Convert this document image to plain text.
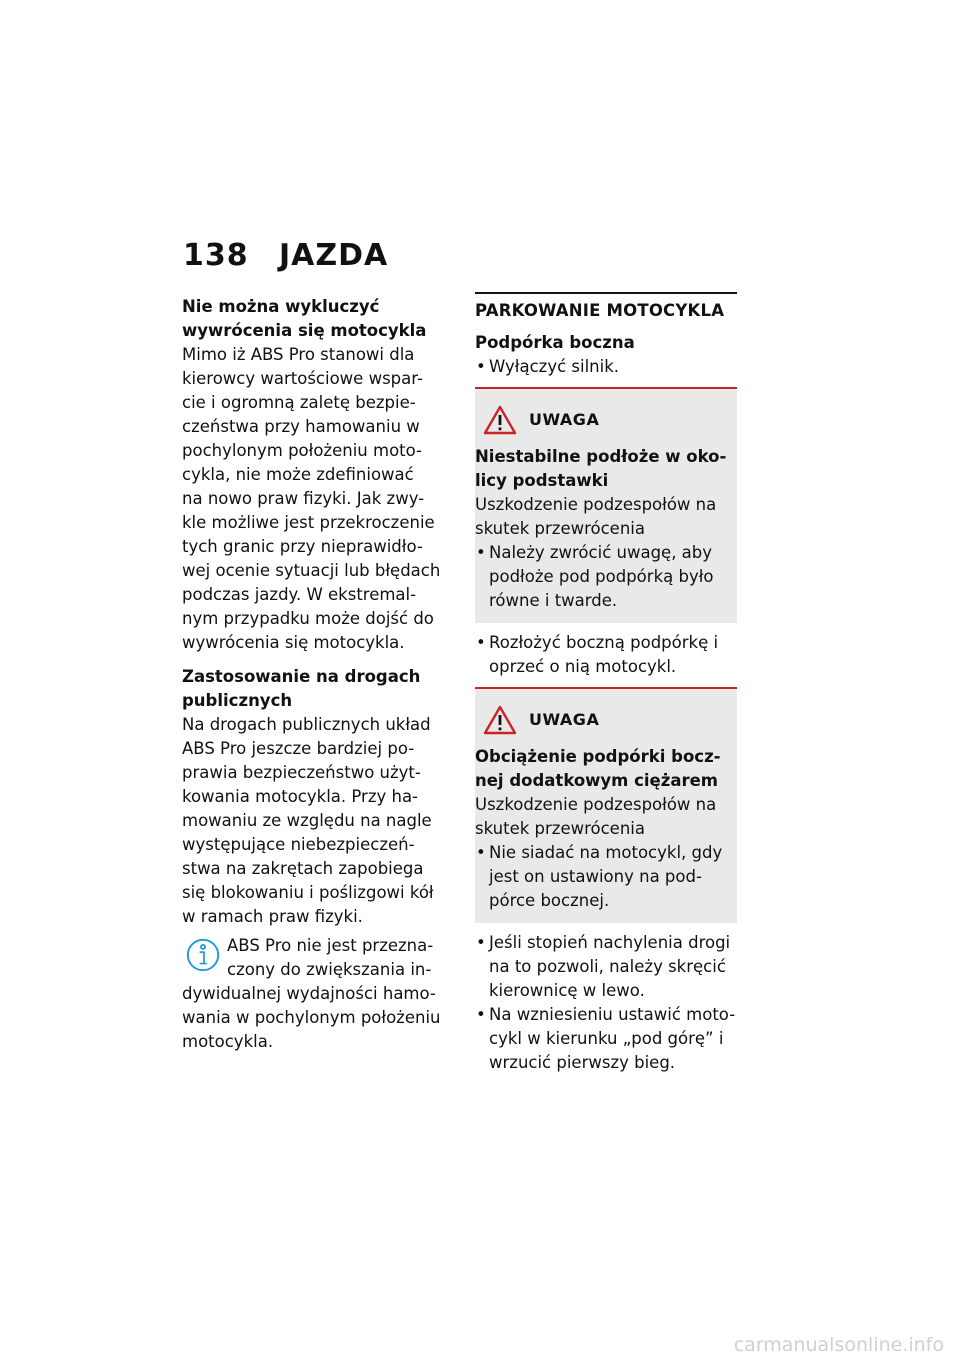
138 JAZDA
Nie można wykluczyć
wywrócenia się motocykla
Mimo iż ABS Pro stanowi dla
kierowcy wartościowe wspar-
cie i ogromną zaletę bezpie-
czeństwa przy hamowaniu w
pochylonym położeniu moto-
cykla, nie może zdefiniować
na nowo praw fizyki. Jak zwy-
kle możliwe jest przekroczenie
tych granic przy nieprawidło-
wej ocenie sytuacji lub błędach
podczas jazdy. W ekstremal-
nym przypadku może dojść do
wywrócenia się motocykla.
Zastosowanie na drogach
publicznych
Na drogach publicznych układ
ABS Pro jeszcze bardziej po-
prawia bezpieczeństwo użyt-
kowania motocykla. Przy ha-
mowaniu ze względu na nagle
występujące niebezpieczeń-
stwa na zakrętach zapobiega
się blokowaniu i poślizgowi kół
w ramach praw fizyki.
ABS Pro nie jest przezna-
czony do zwiększania in-
dywidualnej wydajności hamo-
wania w pochylonym położeniu
motocykla.
PARKOWANIE MOTOCYKLA
Podpórka boczna
• Wyłączyć silnik.
UWAGA
Niestabilne podłoże w oko-
licy podstawki
Uszkodzenie podzespołów na
skutek przewrócenia
• Należy zwrócić uwagę, aby
podłoże pod podpórką było
równe i twarde.
• Rozłożyć boczną podpórkę i
oprzeć o nią motocykl.
UWAGA
Obciążenie podpórki bocz-
nej dodatkowym ciężarem
Uszkodzenie podzespołów na
skutek przewrócenia
• Nie siadać na motocykl, gdy
jest on ustawiony na pod-
pórce bocznej.
• Jeśli stopień nachylenia drogi
na to pozwoli, należy skręcić
kierownicę w lewo.
• Na wzniesieniu ustawić moto-
cykl w kierunku „pod górę” i
wrzucić pierwszy bieg.
carmanualsonline.info
